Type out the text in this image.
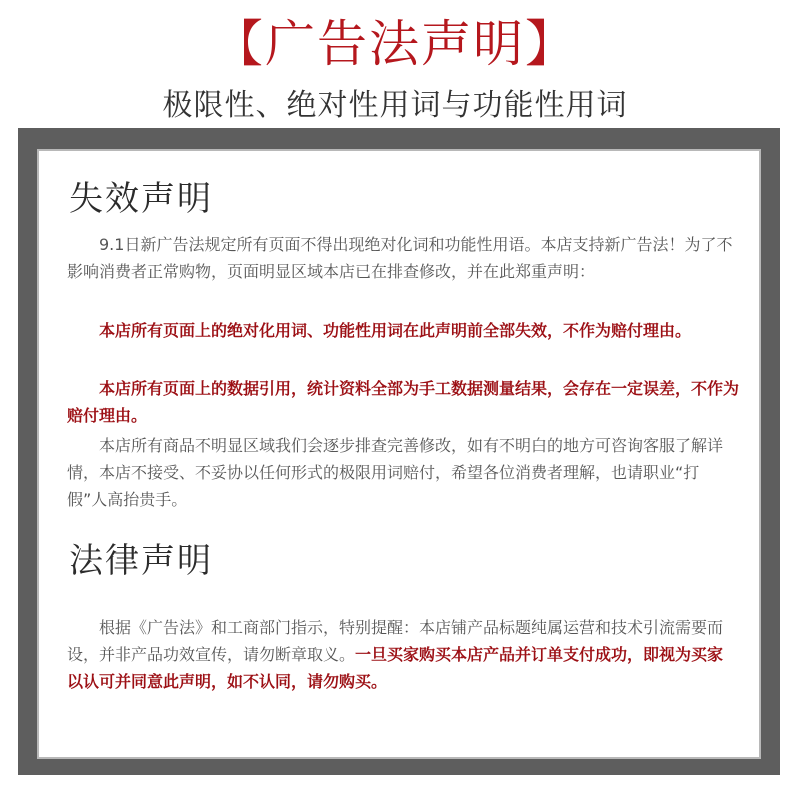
【广告法声明】
极限性、绝对性用词与功能性用词
失效声明

9.1日新广告法规定所有页面不得出现绝对化词和功能性用语。本店支持新广告法！为了不影响消费者正常购物，页面明显区域本店已在排查修改，并在此郑重声明：

本店所有页面上的绝对化用词、功能性用词在此声明前全部失效，不作为赔付理由。

本店所有页面上的数据引用，统计资料全部为手工数据测量结果，会存在一定误差，不作为赔付理由。

本店所有商品不明显区域我们会逐步排查完善修改，如有不明白的地方可咨询客服了解详情，本店不接受、不妥协以任何形式的极限用词赔付，希望各位消费者理解，也请职业“打假”人高抬贵手。

法律声明

根据《广告法》和工商部门指示，特别提醒：本店铺产品标题纯属运营和技术引流需要而设，并非产品功效宣传，请勿断章取义。一旦买家购买本店产品并订单支付成功，即视为买家以认可并同意此声明，如不认同，请勿购买。
